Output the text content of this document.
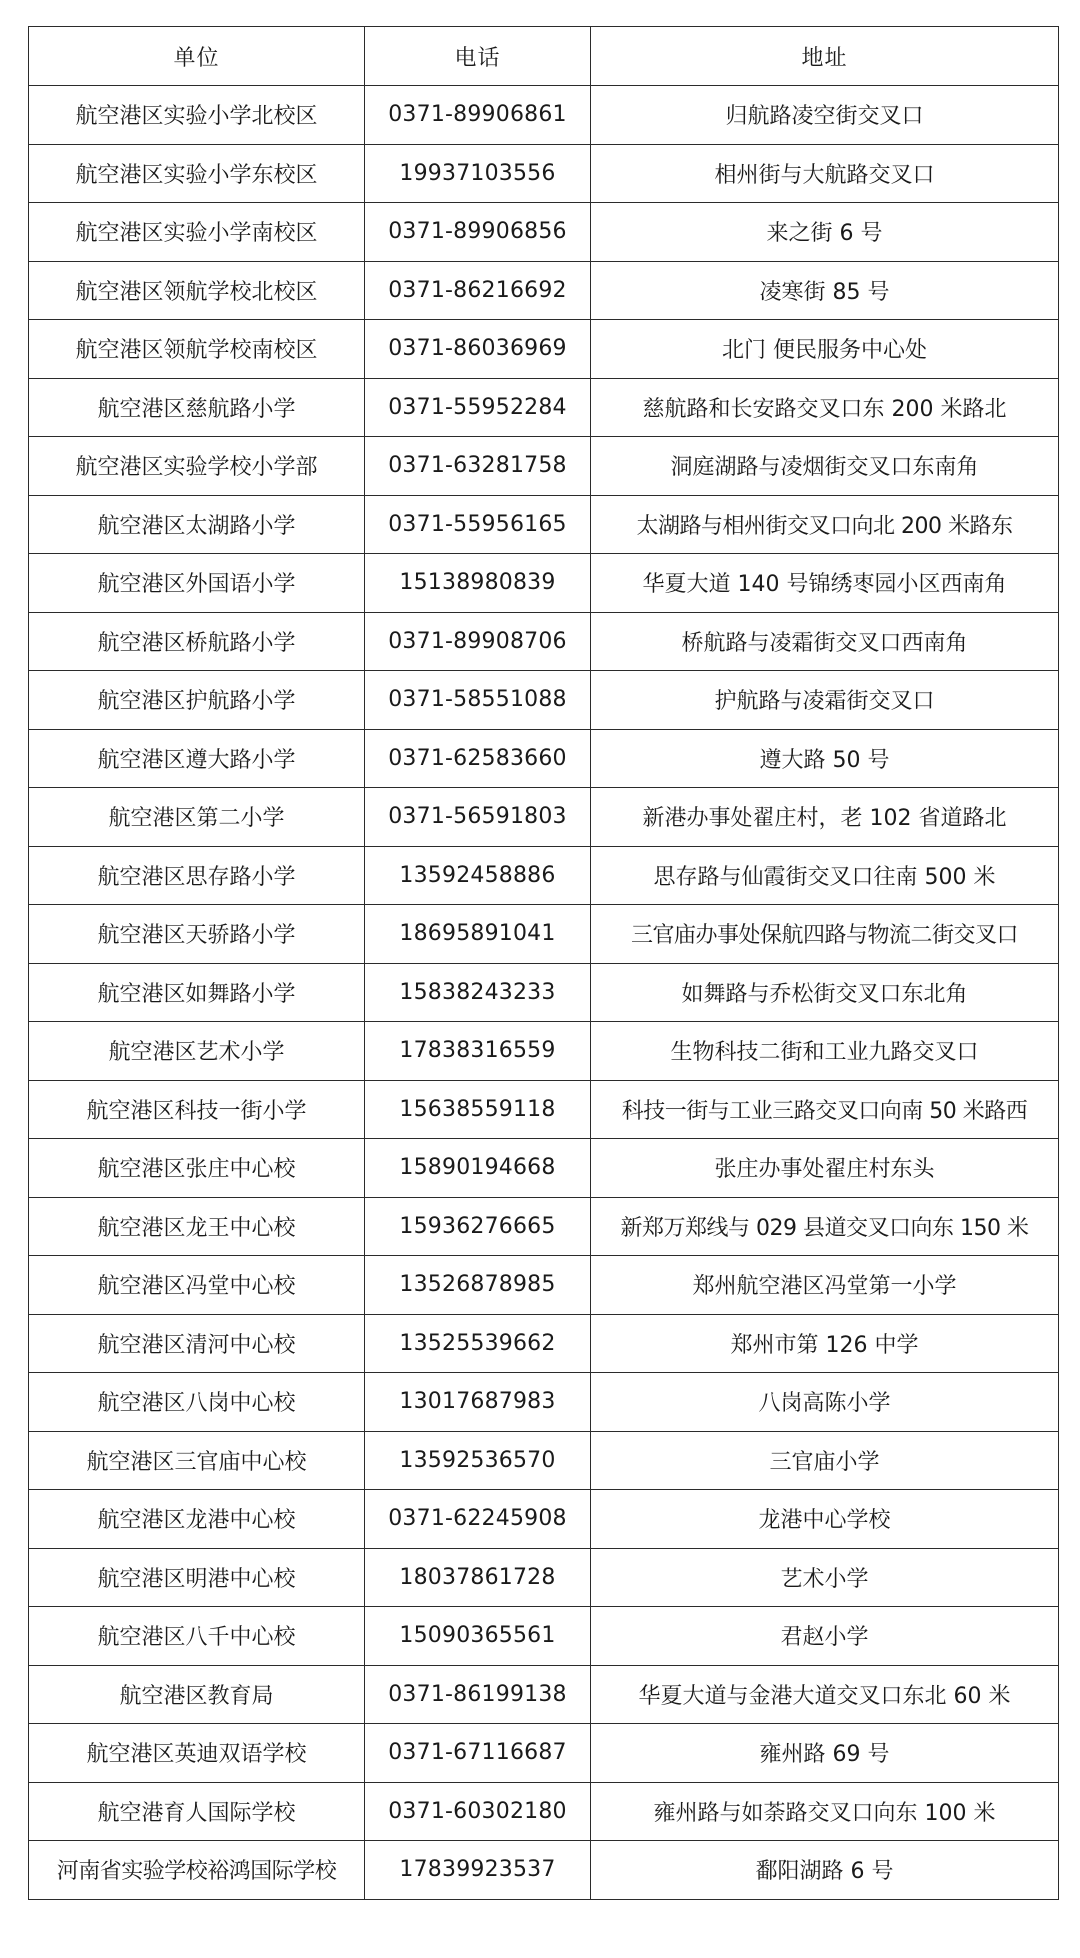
单位	电话	地址
航空港区实验小学北校区	0371-89906861	归航路凌空街交叉口
航空港区实验小学东校区	19937103556	相州街与大航路交叉口
航空港区实验小学南校区	0371-89906856	来之街 6 号
航空港区领航学校北校区	0371-86216692	凌寒街 85 号
航空港区领航学校南校区	0371-86036969	北门 便民服务中心处
航空港区慈航路小学	0371-55952284	慈航路和长安路交叉口东 200 米路北
航空港区实验学校小学部	0371-63281758	洞庭湖路与凌烟街交叉口东南角
航空港区太湖路小学	0371-55956165	太湖路与相州街交叉口向北 200 米路东
航空港区外国语小学	15138980839	华夏大道 140 号锦绣枣园小区西南角
航空港区桥航路小学	0371-89908706	桥航路与凌霜街交叉口西南角
航空港区护航路小学	0371-58551088	护航路与凌霜街交叉口
航空港区遵大路小学	0371-62583660	遵大路 50 号
航空港区第二小学	0371-56591803	新港办事处翟庄村，老 102 省道路北
航空港区思存路小学	13592458886	思存路与仙霞街交叉口往南 500 米
航空港区天骄路小学	18695891041	三官庙办事处保航四路与物流二街交叉口
航空港区如舞路小学	15838243233	如舞路与乔松街交叉口东北角
航空港区艺术小学	17838316559	生物科技二街和工业九路交叉口
航空港区科技一街小学	15638559118	科技一街与工业三路交叉口向南 50 米路西
航空港区张庄中心校	15890194668	张庄办事处翟庄村东头
航空港区龙王中心校	15936276665	新郑万郑线与 029 县道交叉口向东 150 米
航空港区冯堂中心校	13526878985	郑州航空港区冯堂第一小学
航空港区清河中心校	13525539662	郑州市第 126 中学
航空港区八岗中心校	13017687983	八岗高陈小学
航空港区三官庙中心校	13592536570	三官庙小学
航空港区龙港中心校	0371-62245908	龙港中心学校
航空港区明港中心校	18037861728	艺术小学
航空港区八千中心校	15090365561	君赵小学
航空港区教育局	0371-86199138	华夏大道与金港大道交叉口东北 60 米
航空港区英迪双语学校	0371-67116687	雍州路 69 号
航空港育人国际学校	0371-60302180	雍州路与如荼路交叉口向东 100 米
河南省实验学校裕鸿国际学校	17839923537	鄱阳湖路 6 号
